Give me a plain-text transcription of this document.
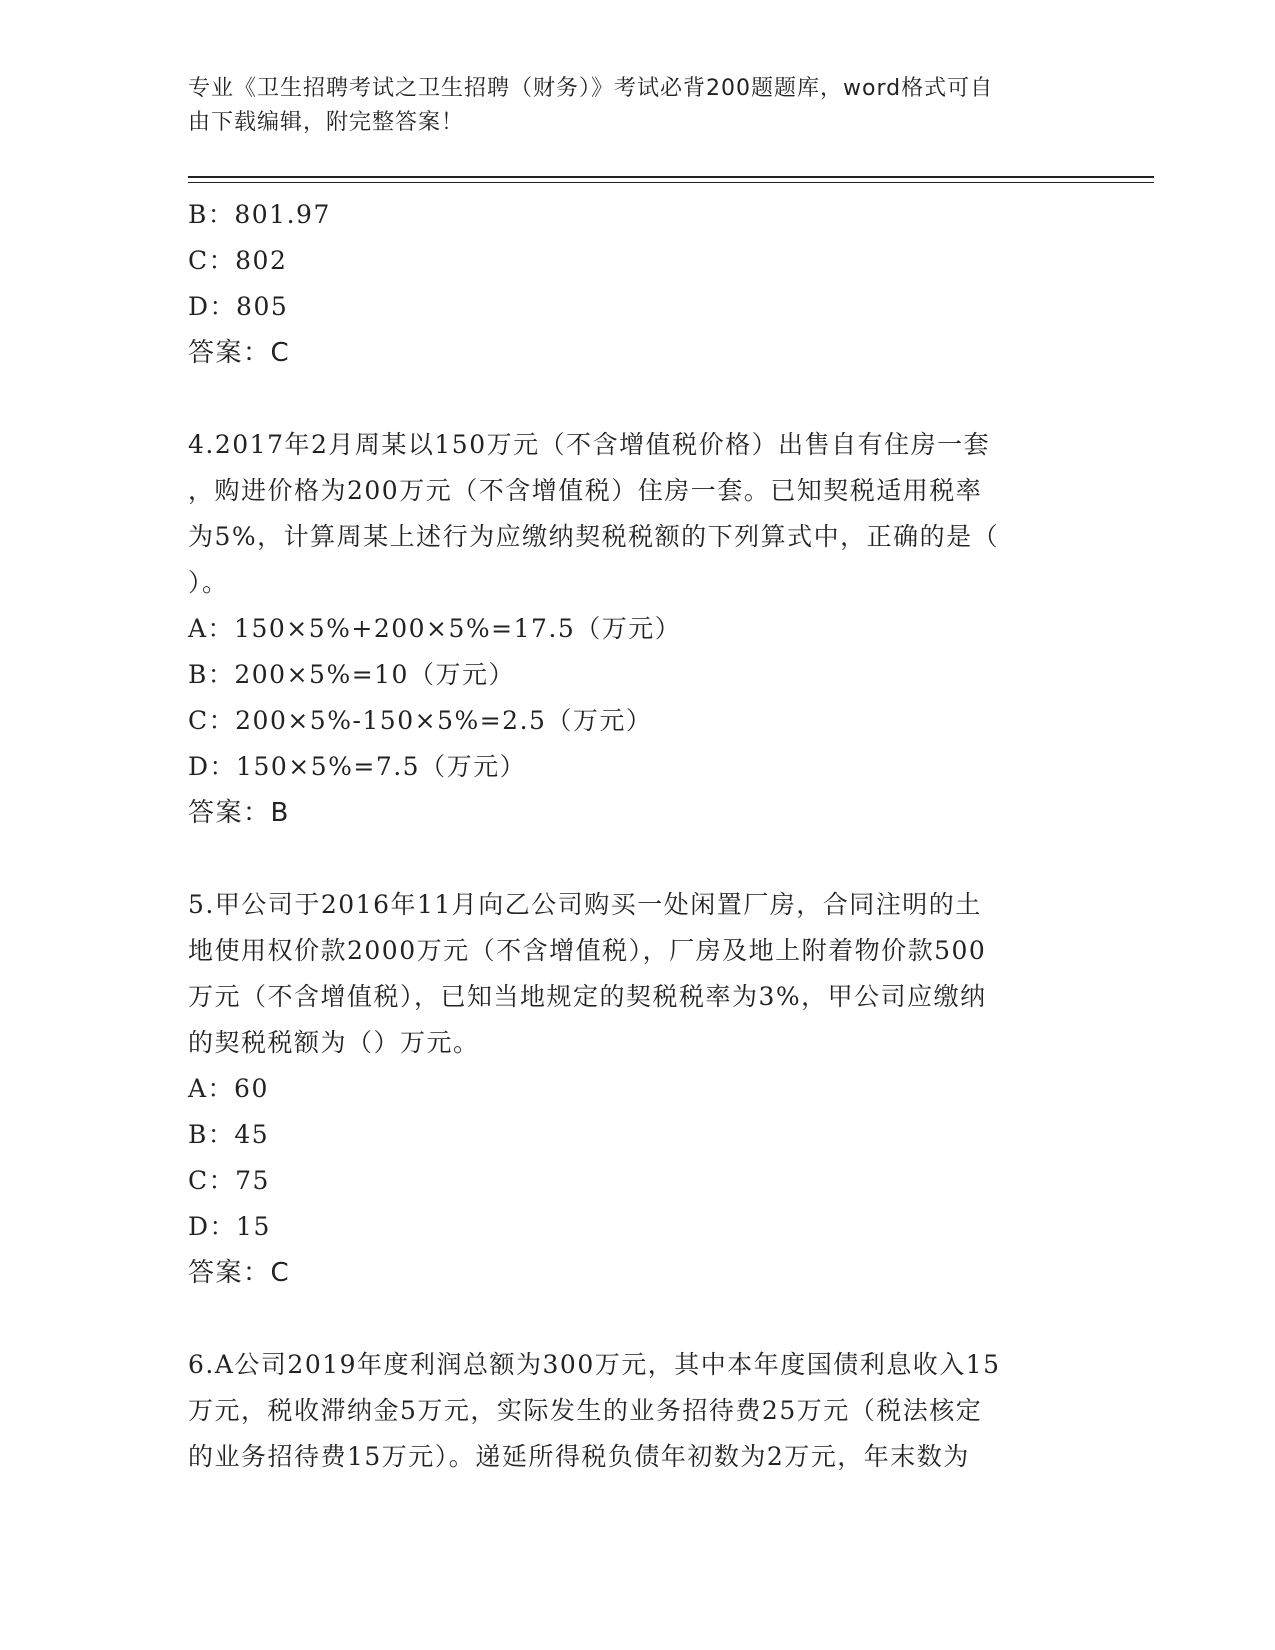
专业《卫生招聘考试之卫生招聘（财务）》考试必背200题题库，word格式可自
由下载编辑，附完整答案！
B：801.97
C：802
D：805
答案：C
4.2017年2月周某以150万元（不含增值税价格）出售自有住房一套
，购进价格为200万元（不含增值税）住房一套。已知契税适用税率
为5%，计算周某上述行为应缴纳契税税额的下列算式中，正确的是（
）。
A：150×5%+200×5%=17.5（万元）
B：200×5%=10（万元）
C：200×5%-150×5%=2.5（万元）
D：150×5%=7.5（万元）
答案：B
5.甲公司于2016年11月向乙公司购买一处闲置厂房，合同注明的土
地使用权价款2000万元（不含增值税），厂房及地上附着物价款500
万元（不含增值税），已知当地规定的契税税率为3%，甲公司应缴纳
的契税税额为（）万元。
A：60
B：45
C：75
D：15
答案：C
6.A公司2019年度利润总额为300万元，其中本年度国债利息收入15
万元，税收滞纳金5万元，实际发生的业务招待费25万元（税法核定
的业务招待费15万元）。递延所得税负债年初数为2万元，年末数为
